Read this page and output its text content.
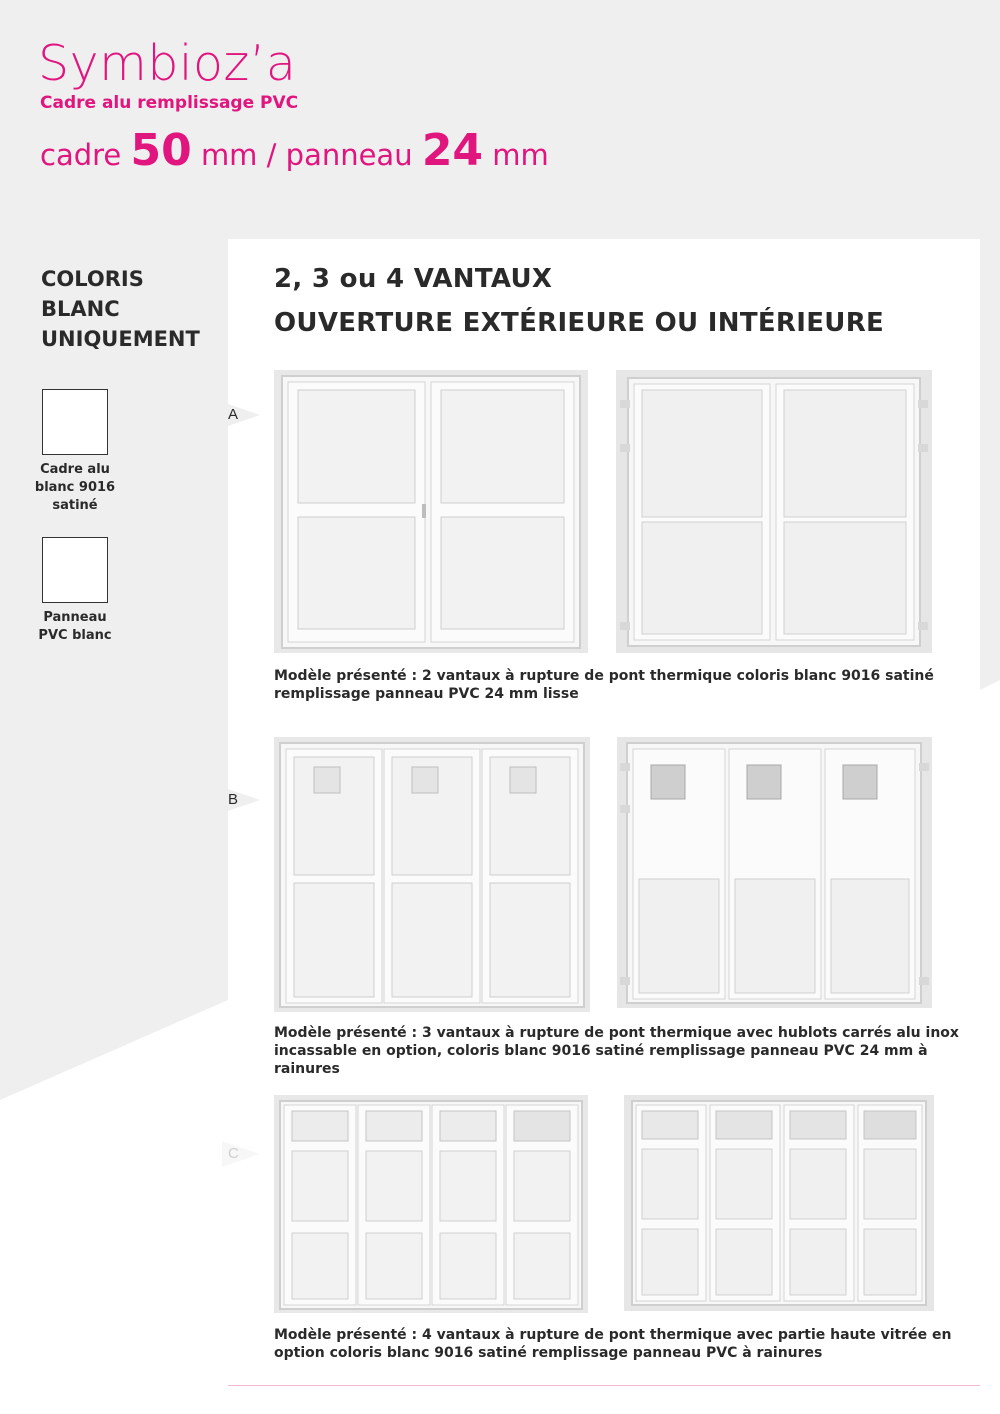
Symbioz’a
Cadre alu remplissage PVC
cadre 50 mm / panneau 24 mm
COLORIS
BLANC
UNIQUEMENT
Cadre alu
blanc 9016
satiné
Panneau
PVC blanc
2, 3 ou 4 VANTAUX
OUVERTURE EXTÉRIEURE OU INTÉRIEURE
A
B
C
Modèle présenté : 2 vantaux à rupture de pont thermique coloris blanc 9016 satiné
remplissage panneau PVC 24 mm lisse
Modèle présenté : 3 vantaux à rupture de pont thermique avec hublots carrés alu inox
incassable en option, coloris blanc 9016 satiné remplissage panneau PVC 24 mm à rainures
Modèle présenté : 4 vantaux à rupture de pont thermique avec partie haute vitrée en
option coloris blanc 9016 satiné remplissage panneau PVC à rainures
